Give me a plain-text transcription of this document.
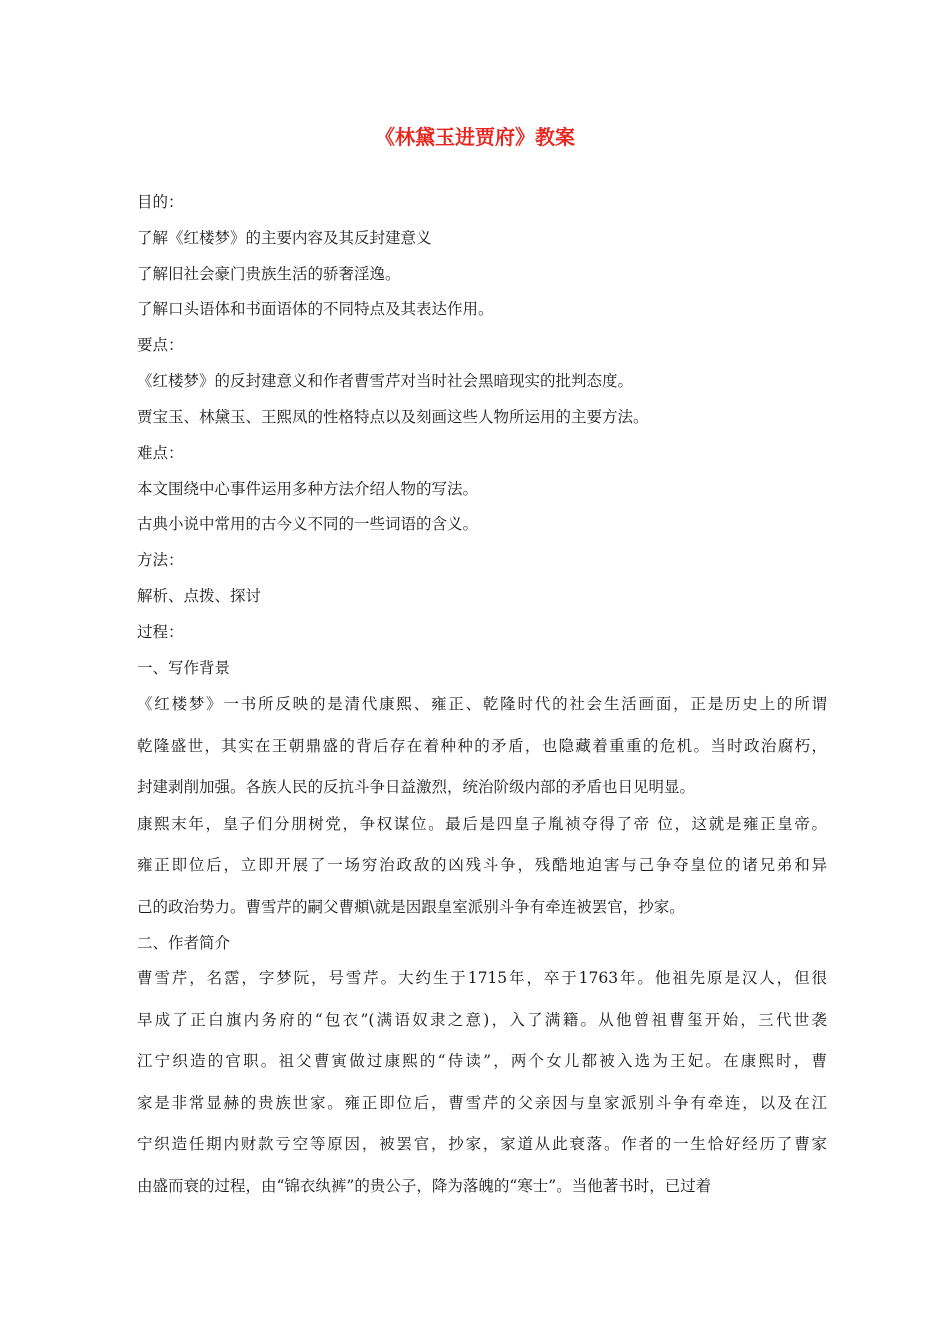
《林黛玉进贾府》教案
目的：
了解《红楼梦》的主要内容及其反封建意义
了解旧社会豪门贵族生活的骄奢淫逸。
了解口头语体和书面语体的不同特点及其表达作用。
要点：
《红楼梦》的反封建意义和作者曹雪芹对当时社会黑暗现实的批判态度。
贾宝玉、林黛玉、王熙凤的性格特点以及刻画这些人物所运用的主要方法。
难点：
本文围绕中心事件运用多种方法介绍人物的写法。
古典小说中常用的古今义不同的一些词语的含义。
方法：
解析、点拨、探讨
过程：
一、写作背景
《红楼梦》一书所反映的是清代康熙、雍正、乾隆时代的社会生活画面，正是历史上的所谓
乾隆盛世，其实在王朝鼎盛的背后存在着种种的矛盾，也隐藏着重重的危机。当时政治腐朽，
封建剥削加强。各族人民的反抗斗争日益激烈，统治阶级内部的矛盾也日见明显。
康熙末年，皇子们分朋树党，争权谋位。最后是四皇子胤祯夺得了帝 位，这就是雍正皇帝。
雍正即位后，立即开展了一场穷治政敌的凶残斗争，残酷地迫害与己争夺皇位的诸兄弟和异
己的政治势力。曹雪芹的嗣父曹頫\就是因跟皇室派别斗争有牵连被罢官，抄家。
二、作者简介
曹雪芹，名霑，字梦阮，号雪芹。大约生于1715年，卒于1763年。他祖先原是汉人，但很
早成了正白旗内务府的“包衣”(满语奴隶之意)，入了满籍。从他曾祖曹玺开始，三代世袭
江宁织造的官职。祖父曹寅做过康熙的“侍读”，两个女儿都被入选为王妃。在康熙时，曹
家是非常显赫的贵族世家。雍正即位后，曹雪芹的父亲因与皇家派别斗争有牵连，以及在江
宁织造任期内财款亏空等原因，被罢官，抄家，家道从此衰落。作者的一生恰好经历了曹家
由盛而衰的过程，由“锦衣纨裤”的贵公子，降为落魄的“寒士”。当他著书时，已过着
